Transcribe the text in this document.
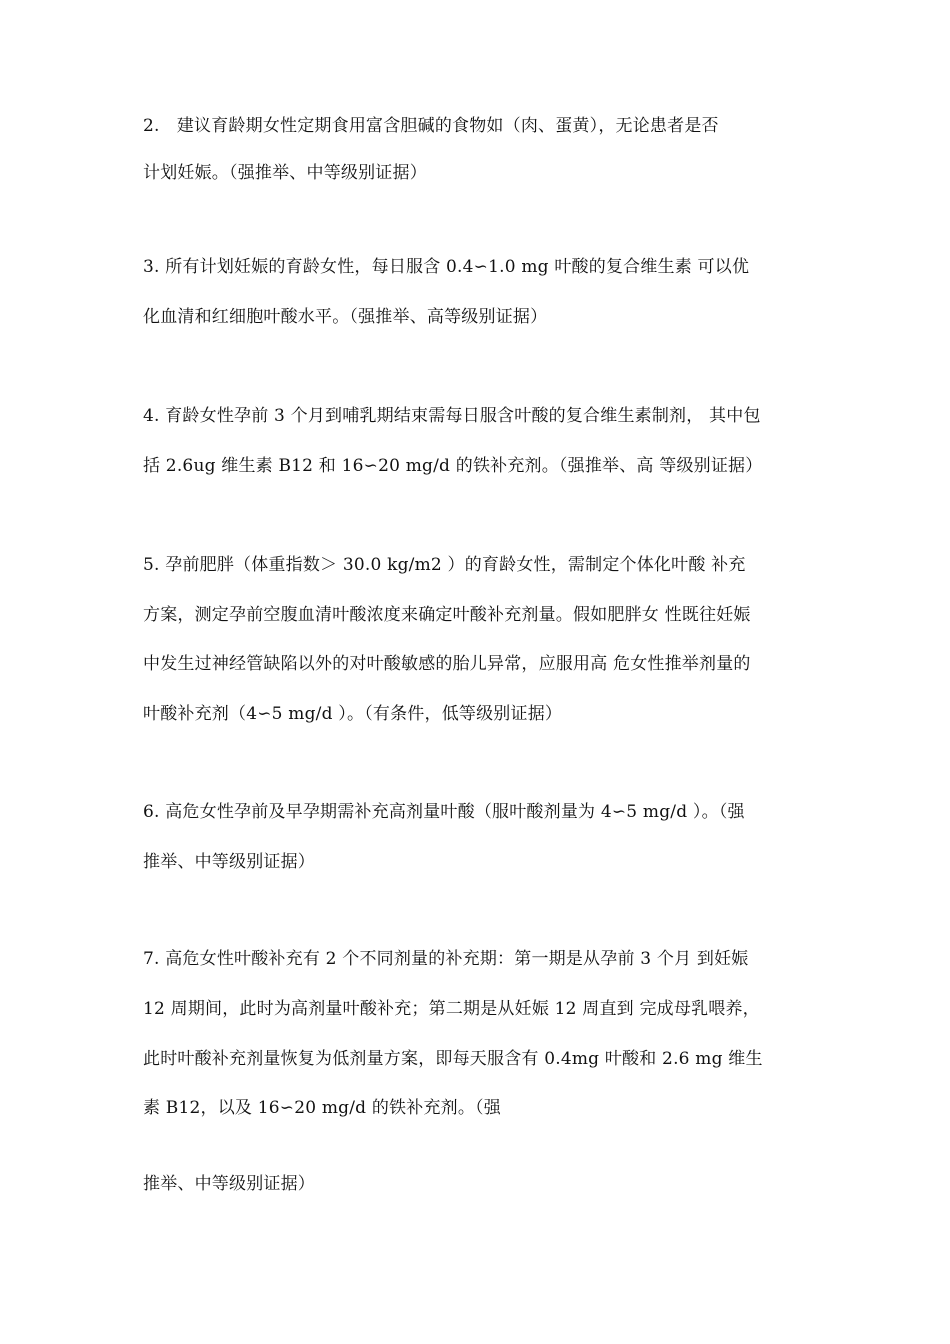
2.　建议育龄期女性定期食用富含胆碱的食物如（肉、蛋黄），无论患者是否
计划妊娠。（强推举、中等级别证据）
3. 所有计划妊娠的育龄女性，每日服含 0.4∽1.0 mg 叶酸的复合维生素 可以优
化血清和红细胞叶酸水平。（强推举、高等级别证据）
4. 育龄女性孕前 3 个月到哺乳期结束需每日服含叶酸的复合维生素制剂， 其中包
括 2.6ug 维生素 B12 和 16∽20 mg/d 的铁补充剂。（强推举、高 等级别证据）
5. 孕前肥胖（体重指数＞ 30.0 kg/m2 ）的育龄女性，需制定个体化叶酸 补充
方案，测定孕前空腹血清叶酸浓度来确定叶酸补充剂量。假如肥胖女 性既往妊娠
中发生过神经管缺陷以外的对叶酸敏感的胎儿异常，应服用高 危女性推举剂量的
叶酸补充剂（4∽5 mg/d ）。（有条件，低等级别证据）
6. 高危女性孕前及早孕期需补充高剂量叶酸（服叶酸剂量为 4∽5 mg/d ）。（强
推举、中等级别证据）
7. 高危女性叶酸补充有 2 个不同剂量的补充期：第一期是从孕前 3 个月 到妊娠
12 周期间，此时为高剂量叶酸补充；第二期是从妊娠 12 周直到 完成母乳喂养，
此时叶酸补充剂量恢复为低剂量方案，即每天服含有 0.4mg 叶酸和 2.6 mg 维生
素 B12，以及 16∽20 mg/d 的铁补充剂。（强
推举、中等级别证据）
